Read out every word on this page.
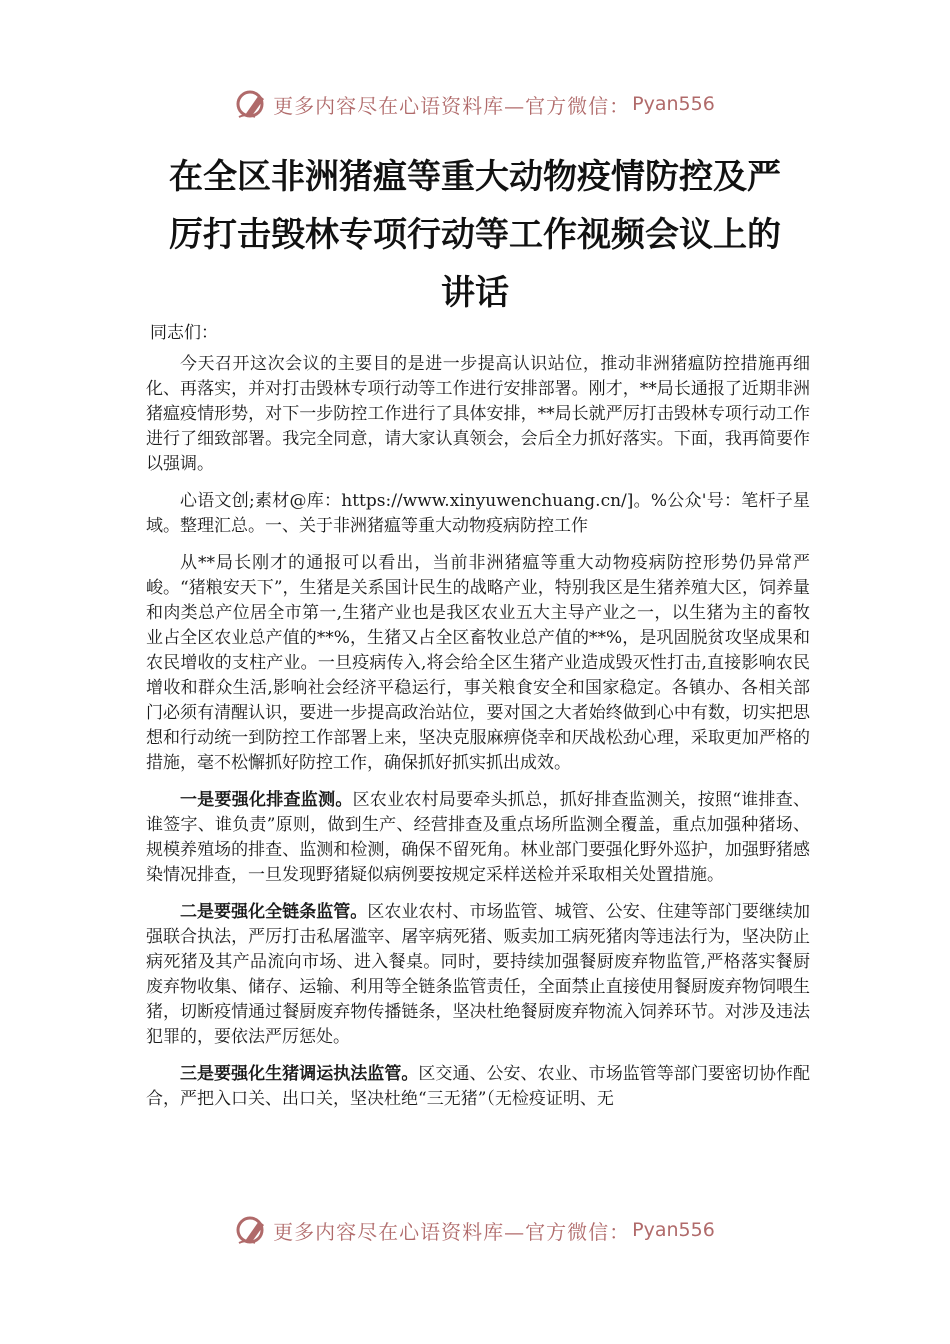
更多内容尽在心语资料库—官方微信： Pyan556
在全区非洲猪瘟等重大动物疫情防控及严
厉打击毁林专项行动等工作视频会议上的
讲话
同志们：

今天召开这次会议的主要目的是进一步提高认识站位，推动非洲猪瘟防控措施再细化、再落实，并对打击毁林专项行动等工作进行安排部署。刚才，**局长通报了近期非洲猪瘟疫情形势，对下一步防控工作进行了具体安排，**局长就严厉打击毁林专项行动工作进行了细致部署。我完全同意，请大家认真领会，会后全力抓好落实。下面，我再简要作以强调。

心语文创;素材@库：https://www.xinyuwenchuang.cn/]。%公众'号：笔杆子星域。整理汇总。一、关于非洲猪瘟等重大动物疫病防控工作

从**局长刚才的通报可以看出，当前非洲猪瘟等重大动物疫病防控形势仍异常严峻。“猪粮安天下”，生猪是关系国计民生的战略产业，特别我区是生猪养殖大区，饲养量和肉类总产位居全市第一,生猪产业也是我区农业五大主导产业之一，以生猪为主的畜牧业占全区农业总产值的**%，生猪又占全区畜牧业总产值的**%，是巩固脱贫攻坚成果和农民增收的支柱产业。一旦疫病传入,将会给全区生猪产业造成毁灭性打击,直接影响农民增收和群众生活,影响社会经济平稳运行，事关粮食安全和国家稳定。各镇办、各相关部门必须有清醒认识，要进一步提高政治站位，要对国之大者始终做到心中有数，切实把思想和行动统一到防控工作部署上来，坚决克服麻痹侥幸和厌战松劲心理，采取更加严格的措施，毫不松懈抓好防控工作，确保抓好抓实抓出成效。

一是要强化排查监测。区农业农村局要牵头抓总，抓好排查监测关，按照“谁排查、谁签字、谁负责”原则，做到生产、经营排查及重点场所监测全覆盖，重点加强种猪场、规模养殖场的排查、监测和检测，确保不留死角。林业部门要强化野外巡护，加强野猪感染情况排查，一旦发现野猪疑似病例要按规定采样送检并采取相关处置措施。

二是要强化全链条监管。区农业农村、市场监管、城管、公安、住建等部门要继续加强联合执法，严厉打击私屠滥宰、屠宰病死猪、贩卖加工病死猪肉等违法行为，坚决防止病死猪及其产品流向市场、进入餐桌。同时，要持续加强餐厨废弃物监管,严格落实餐厨废弃物收集、储存、运输、利用等全链条监管责任，全面禁止直接使用餐厨废弃物饲喂生猪，切断疫情通过餐厨废弃物传播链条，坚决杜绝餐厨废弃物流入饲养环节。对涉及违法犯罪的，要依法严厉惩处。

三是要强化生猪调运执法监管。区交通、公安、农业、市场监管等部门要密切协作配合，严把入口关、出口关，坚决杜绝“三无猪”（无检疫证明、无

更多内容尽在心语资料库—官方微信： Pyan556
